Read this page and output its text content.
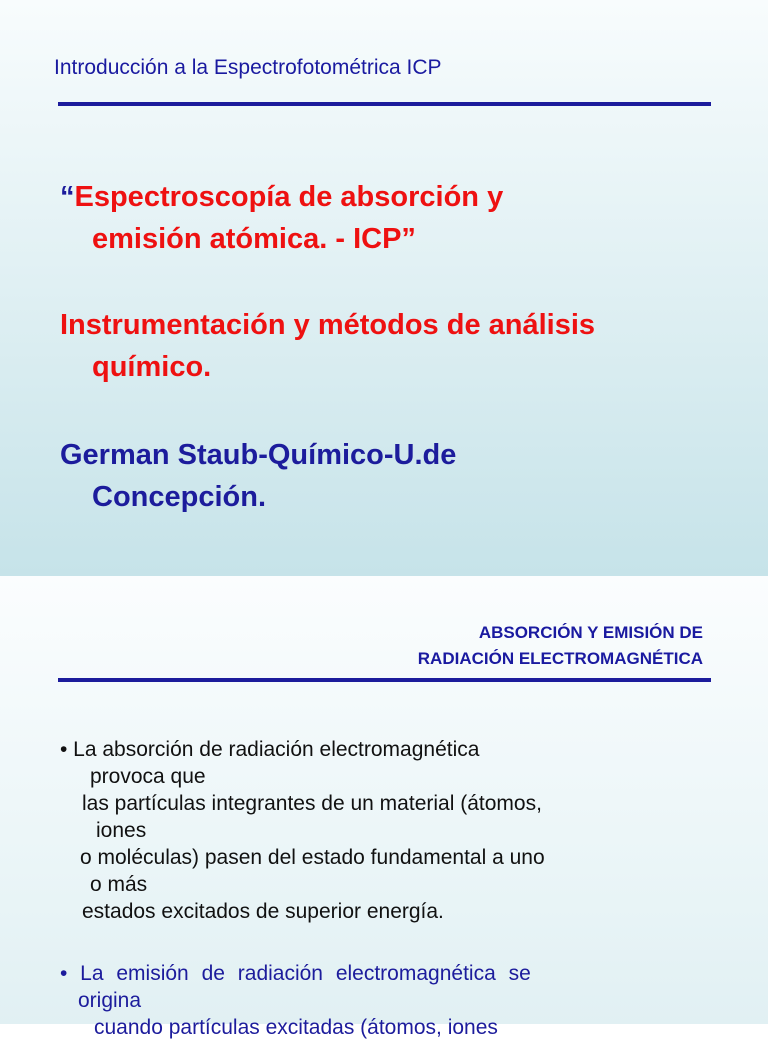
Introducción a la Espectrofotométrica ICP
“Espectroscopía de absorción y
emisión atómica. - ICP”
Instrumentación y métodos de análisis
químico.
German Staub-Químico-U.de
Concepción.
ABSORCIÓN Y EMISIÓN DE
RADIACIÓN ELECTROMAGNÉTICA
• La absorción de radiación electromagnética
provoca que
las partículas integrantes de un material (átomos,
iones
o moléculas) pasen del estado fundamental a uno
o más
estados excitados de superior energía.
• La emisión de radiación electromagnética se
origina
cuando partículas excitadas (átomos, iones
